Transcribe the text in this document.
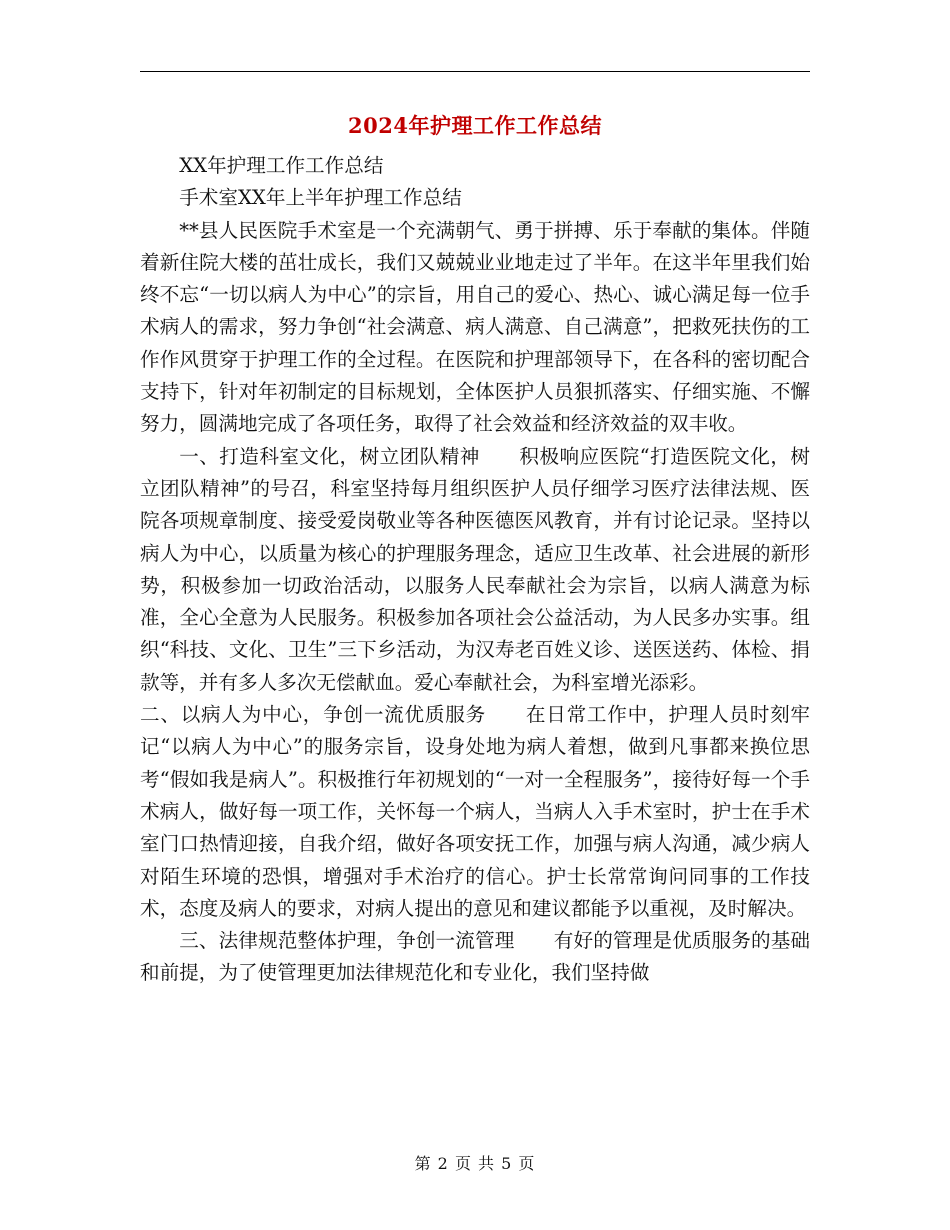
2024年护理工作工作总结

XX年护理工作工作总结

手术室XX年上半年护理工作总结

**县人民医院手术室是一个充满朝气、勇于拼搏、乐于奉献的集体。伴随着新住院大楼的茁壮成长，我们又兢兢业业地走过了半年。在这半年里我们始终不忘“一切以病人为中心”的宗旨，用自己的爱心、热心、诚心满足每一位手术病人的需求，努力争创“社会满意、病人满意、自己满意”，把救死扶伤的工作作风贯穿于护理工作的全过程。在医院和护理部领导下，在各科的密切配合支持下，针对年初制定的目标规划，全体医护人员狠抓落实、仔细实施、不懈努力，圆满地完成了各项任务，取得了社会效益和经济效益的双丰收。

一、打造科室文化，树立团队精神 积极响应医院“打造医院文化，树立团队精神”的号召，科室坚持每月组织医护人员仔细学习医疗法律法规、医院各项规章制度、接受爱岗敬业等各种医德医风教育，并有讨论记录。坚持以病人为中心，以质量为核心的护理服务理念，适应卫生改革、社会进展的新形势，积极参加一切政治活动，以服务人民奉献社会为宗旨，以病人满意为标准，全心全意为人民服务。积极参加各项社会公益活动，为人民多办实事。组织“科技、文化、卫生”三下乡活动，为汉寿老百姓义诊、送医送药、体检、捐款等，并有多人多次无偿献血。爱心奉献社会，为科室增光添彩。

二、以病人为中心，争创一流优质服务 在日常工作中，护理人员时刻牢记“以病人为中心”的服务宗旨，设身处地为病人着想，做到凡事都来换位思考“假如我是病人”。积极推行年初规划的“一对一全程服务”，接待好每一个手术病人，做好每一项工作，关怀每一个病人，当病人入手术室时，护士在手术室门口热情迎接，自我介绍，做好各项安抚工作，加强与病人沟通，减少病人对陌生环境的恐惧，增强对手术治疗的信心。护士长常常询问同事的工作技术，态度及病人的要求，对病人提出的意见和建议都能予以重视，及时解决。

三、法律规范整体护理，争创一流管理 有好的管理是优质服务的基础和前提，为了使管理更加法律规范化和专业化，我们坚持做

第 2 页 共 5 页
